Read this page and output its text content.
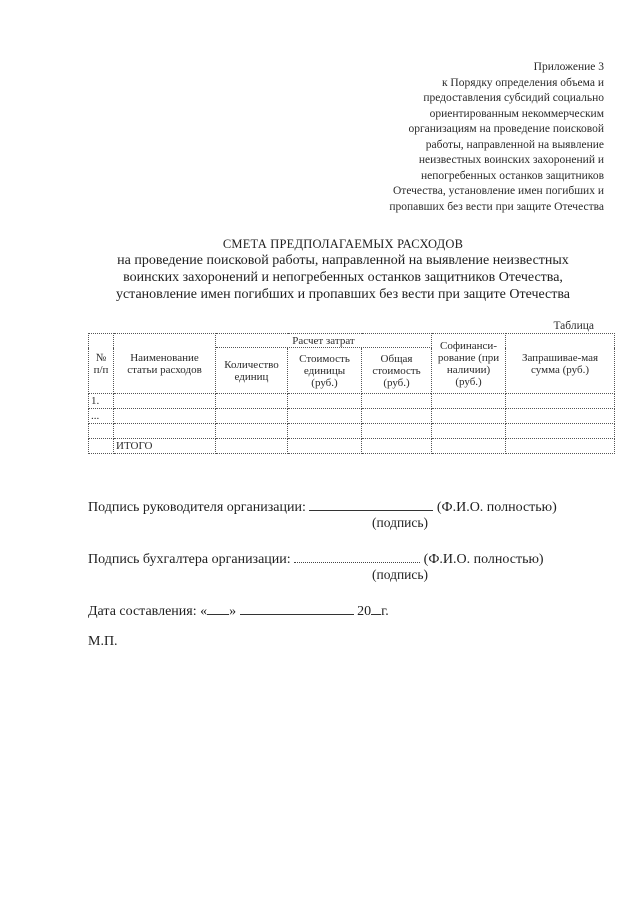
Приложение 3
к Порядку определения объема и
предоставления субсидий социально
ориентированным некоммерческим
организациям на проведение поисковой
работы, направленной на выявление
неизвестных воинских захоронений и
непогребенных останков защитников
Отечества, установление имен погибших и
пропавших без вести при защите Отечества
СМЕТА ПРЕДПОЛАГАЕМЫХ РАСХОДОВ
на проведение поисковой работы, направленной на выявление неизвестных
воинских захоронений и непогребенных останков защитников Отечества,
установление имен погибших и пропавших без вести при защите Отечества
Таблица
№ п/п	Наименование статьи расходов	Расчет затрат			Софинанси-рование (при наличии) (руб.)	Запрашивае-мая сумма (руб.)
		Количество единиц	Стоимость единицы (руб.)	Общая стоимость (руб.)		
1.						
...						

	ИТОГО					
Подпись руководителя организации:	(Ф.И.О. полностью)
(подпись)
Подпись бухгалтера организации:	(Ф.И.О. полностью)
(подпись)
Дата составления: « »	20 г.
М.П.
